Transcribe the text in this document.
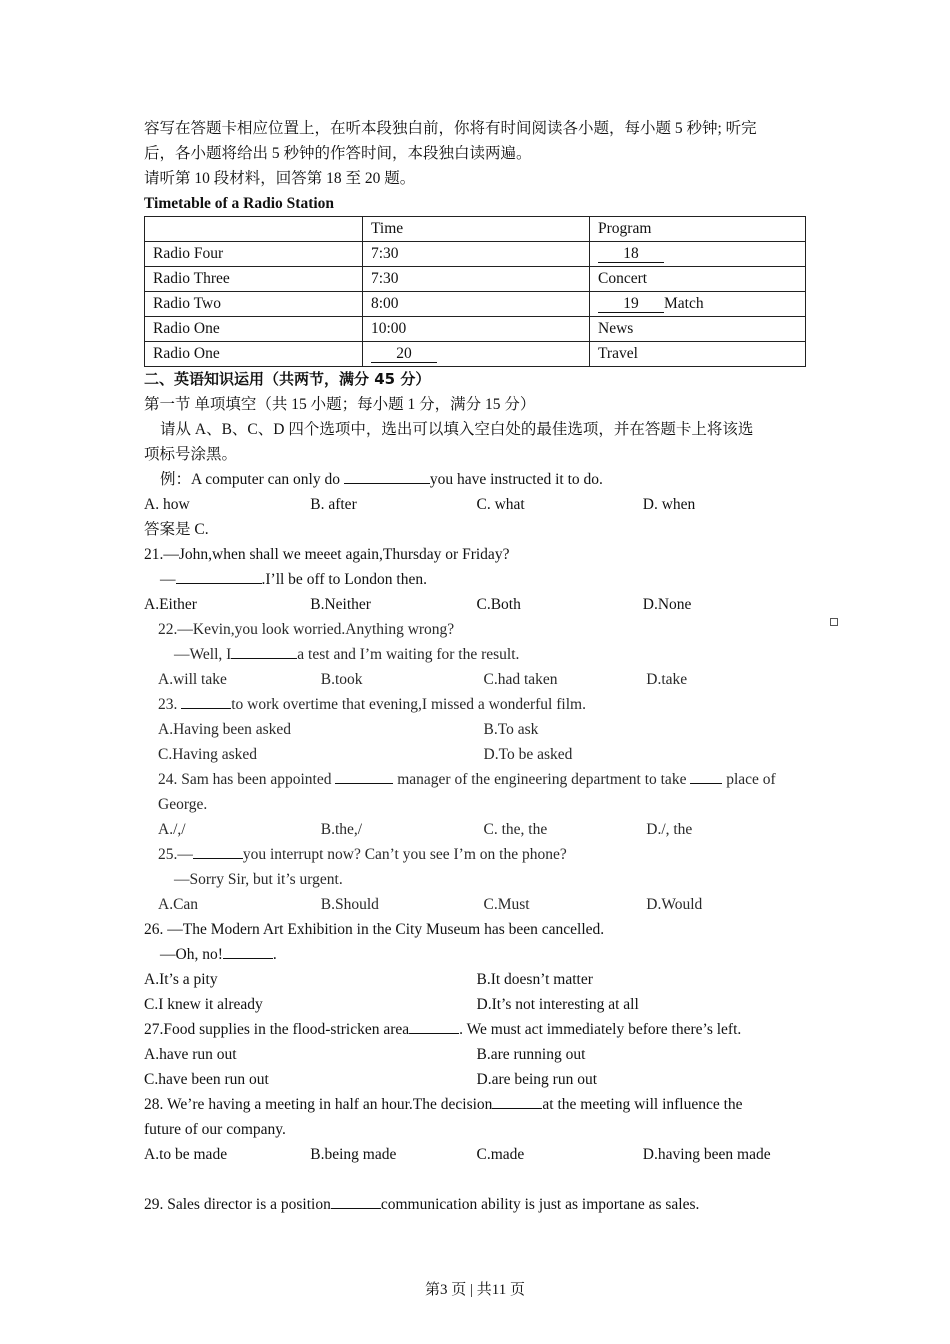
容写在答题卡相应位置上，在听本段独白前，你将有时间阅读各小题，每小题 5 秒钟; 听完
后，各小题将给出 5 秒钟的作答时间，本段独白读两遍。
请听第 10 段材料，回答第 18 至 20 题。
Timetable of a Radio Station
	Time	Program
Radio Four	7:30	18
Radio Three	7:30	Concert
Radio Two	8:00	19 Match
Radio One	10:00	News
Radio One	20	Travel
二、英语知识运用（共两节，满分 45 分）
第一节 单项填空（共 15 小题；每小题 1 分，满分 15 分）
请从 A、B、C、D 四个选项中，选出可以填入空白处的最佳选项，并在答题卡上将该选
项标号涂黑。
例：A computer can only do	you have instructed it to do.
A. how	B. after	C. what	D. when
答案是 C.
21.—John,when shall we meeet again,Thursday or Friday?
—	.I’ll be off to London then.
A.Either	B.Neither	C.Both	D.None
22.—Kevin,you look worried.Anything wrong?
—Well, I	a test and I’m waiting for the result.
A.will take	B.took	C.had taken	D.take
23.	to work overtime that evening,I missed a wonderful film.
A.Having been asked	B.To ask
C.Having asked	D.To be asked
24. Sam has been appointed	manager of the engineering department to take  place of
George.
A./,/	B.the,/	C. the, the	D./, the
25.—	you interrupt now? Can’t you see I’m on the phone?
—Sorry Sir, but it’s urgent.
A.Can	B.Should	C.Must	D.Would
26. —The Modern Art Exhibition in the City Museum has been cancelled.
—Oh, no!	.
A.It’s a pity	B.It doesn’t matter
C.I knew it already	D.It’s not interesting at all
27.Food supplies in the flood-stricken area	. We must act immediately before there’s left.
A.have run out	B.are running out
C.have been run out	D.are being run out
28. We’re having a meeting in half an hour.The decision	at the meeting will influence the
future of our company.
A.to be made	B.being made	C.made	D.having been made
29. Sales director is a position	communication ability is just as importane as sales.
第3 页 | 共11 页
